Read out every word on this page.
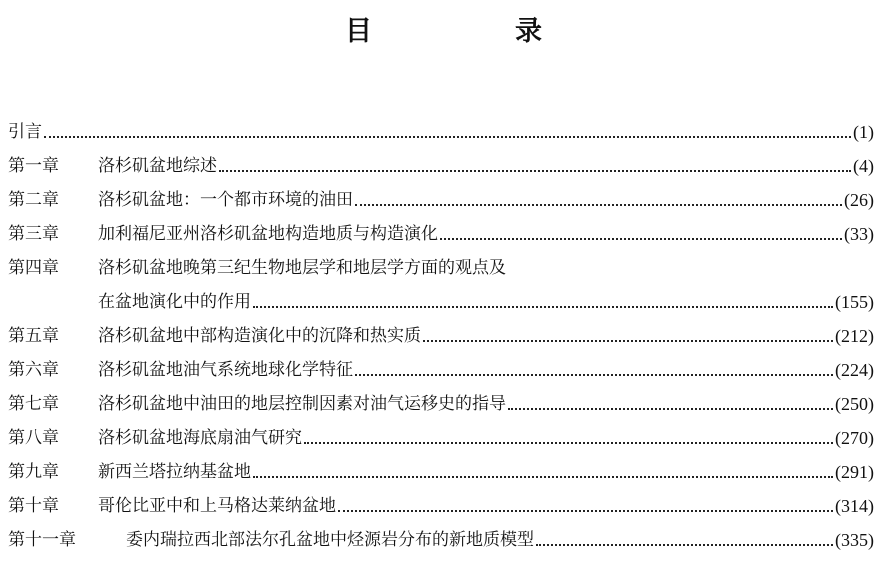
目　录
引言	(1)
第一章	洛杉矶盆地综述	(4)
第二章	洛杉矶盆地：一个都市环境的油田	(26)
第三章	加利福尼亚州洛杉矶盆地构造地质与构造演化	(33)
第四章	洛杉矶盆地晚第三纪生物地层学和地层学方面的观点及
在盆地演化中的作用	(155)
第五章	洛杉矶盆地中部构造演化中的沉降和热实质	(212)
第六章	洛杉矶盆地油气系统地球化学特征	(224)
第七章	洛杉矶盆地中油田的地层控制因素对油气运移史的指导	(250)
第八章	洛杉矶盆地海底扇油气研究	(270)
第九章	新西兰塔拉纳基盆地	(291)
第十章	哥伦比亚中和上马格达莱纳盆地	(314)
第十一章	委内瑞拉西北部法尔孔盆地中烃源岩分布的新地质模型	(335)
